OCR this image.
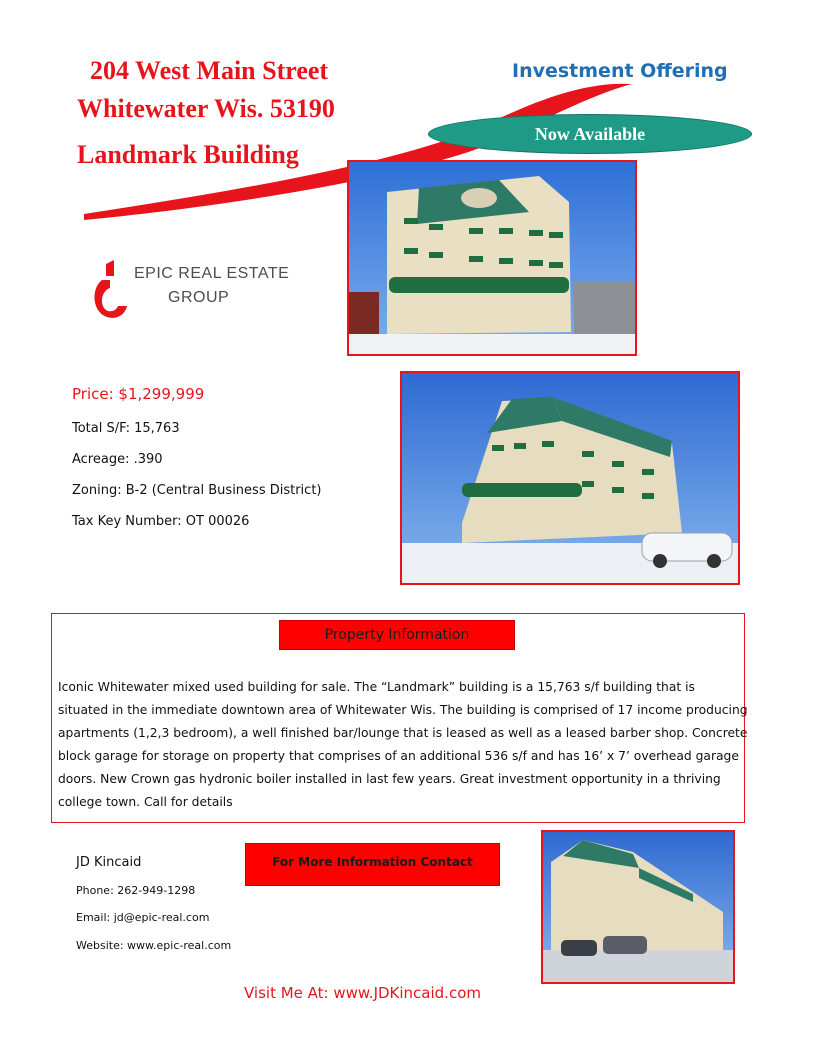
204 West Main Street
Whitewater Wis. 53190
Landmark Building
Investment Offering
Now Available
EPIC REAL ESTATE
GROUP
Price: $1,299,999
Total S/F: 15,763
Acreage: .390
Zoning: B-2 (Central Business District)
Tax Key Number: OT 00026
Property Information
Iconic Whitewater mixed used building for sale. The “Landmark” building is a 15,763 s/f building that is situated in the immediate downtown area of Whitewater Wis. The building is comprised of 17 income producing apartments (1,2,3 bedroom), a well finished bar/lounge that is leased as well as a leased barber shop. Concrete block garage for storage on property that comprises of an additional 536 s/f and has 16’ x 7’ overhead garage doors. New Crown gas hydronic boiler installed in last few years. Great investment opportunity in a thriving college town. Call for details
JD Kincaid
Phone: 262-949-1298
Email: jd@epic-real.com
Website: www.epic-real.com
For More Information Contact
Visit Me At: www.JDKincaid.com
